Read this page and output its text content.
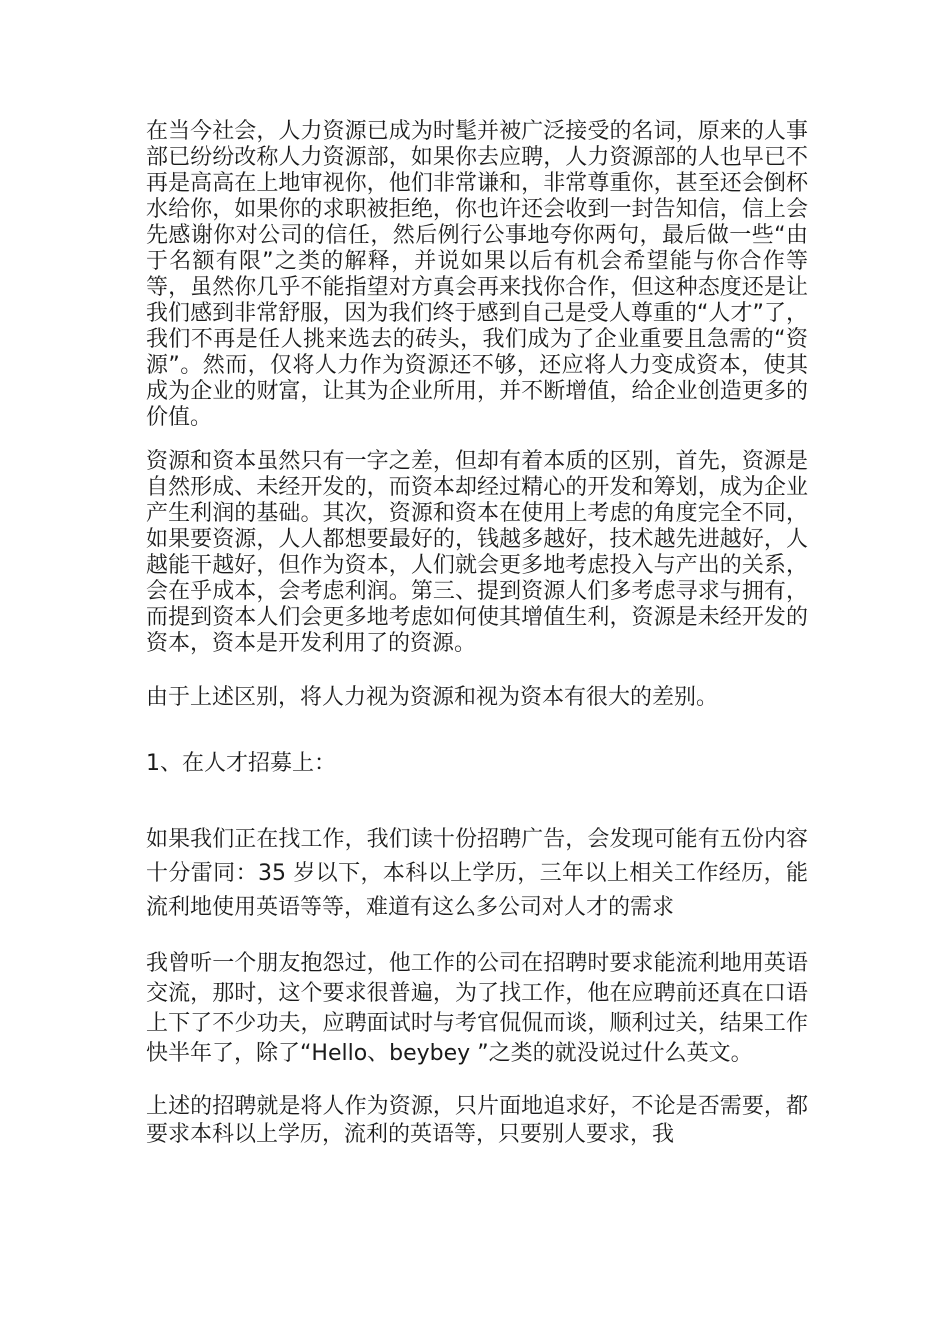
在当今社会，人力资源已成为时髦并被广泛接受的名词，原来的人事部已纷纷改称人力资源部，如果你去应聘，人力资源部的人也早已不再是高高在上地审视你，他们非常谦和，非常尊重你，甚至还会倒杯水给你，如果你的求职被拒绝，你也许还会收到一封告知信，信上会先感谢你对公司的信任，然后例行公事地夸你两句，最后做一些“由于名额有限”之类的解释，并说如果以后有机会希望能与你合作等等，虽然你几乎不能指望对方真会再来找你合作，但这种态度还是让我们感到非常舒服，因为我们终于感到自己是受人尊重的“人才”了，我们不再是任人挑来选去的砖头，我们成为了企业重要且急需的“资源”。然而，仅将人力作为资源还不够，还应将人力变成资本，使其成为企业的财富，让其为企业所用，并不断增值，给企业创造更多的价值。

资源和资本虽然只有一字之差，但却有着本质的区别，首先，资源是自然形成、未经开发的，而资本却经过精心的开发和筹划，成为企业产生利润的基础。其次，资源和资本在使用上考虑的角度完全不同，如果要资源，人人都想要最好的，钱越多越好，技术越先进越好，人越能干越好，但作为资本，人们就会更多地考虑投入与产出的关系，会在乎成本，会考虑利润。第三、提到资源人们多考虑寻求与拥有，而提到资本人们会更多地考虑如何使其增值生利，资源是未经开发的资本，资本是开发利用了的资源。

由于上述区别，将人力视为资源和视为资本有很大的差别。

1、在人才招募上：

如果我们正在找工作，我们读十份招聘广告，会发现可能有五份内容十分雷同：35 岁以下，本科以上学历，三年以上相关工作经历，能流利地使用英语等等，难道有这么多公司对人才的需求

我曾听一个朋友抱怨过，他工作的公司在招聘时要求能流利地用英语交流，那时，这个要求很普遍，为了找工作，他在应聘前还真在口语上下了不少功夫，应聘面试时与考官侃侃而谈，顺利过关，结果工作快半年了，除了“Hello、beybey ”之类的就没说过什么英文。

上述的招聘就是将人作为资源，只片面地追求好，不论是否需要，都要求本科以上学历，流利的英语等，只要别人要求，我
